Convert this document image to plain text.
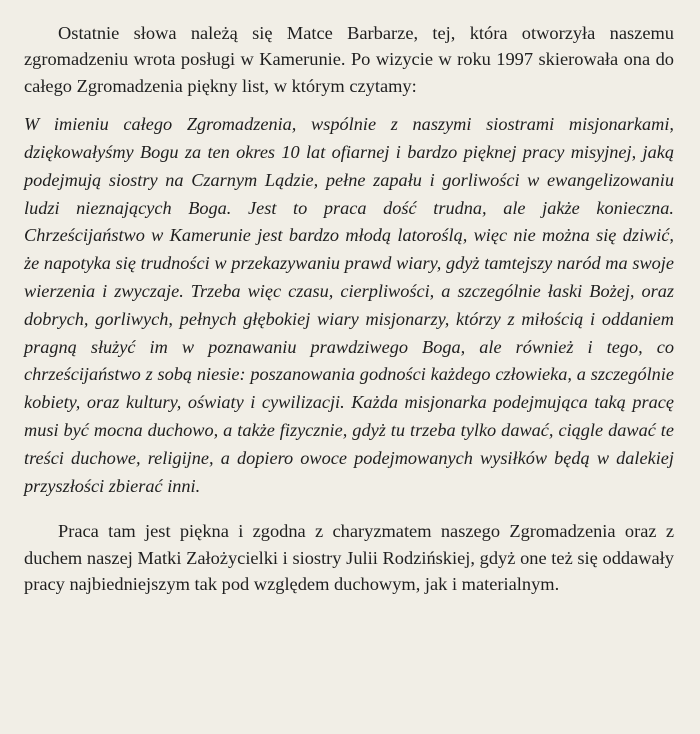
Ostatnie słowa należą się Matce Barbarze, tej, która otworzyła naszemu zgromadzeniu wrota posługi w Kamerunie. Po wizycie w roku 1997 skierowała ona do całego Zgromadzenia piękny list, w którym czytamy:

W imieniu całego Zgromadzenia, wspólnie z naszymi siostrami misjonarkami, dziękowałyśmy Bogu za ten okres 10 lat ofiarnej i bardzo pięknej pracy misyjnej, jaką podejmują siostry na Czarnym Lądzie, pełne zapału i gorliwości w ewangelizowaniu ludzi nieznających Boga. Jest to praca dość trudna, ale jakże konieczna. Chrześcijaństwo w Kamerunie jest bardzo młodą latoroślą, więc nie można się dziwić, że napotyka się trudności w przekazywaniu prawd wiary, gdyż tamtejszy naród ma swoje wierzenia i zwyczaje. Trzeba więc czasu, cierpliwości, a szczególnie łaski Bożej, oraz dobrych, gorliwych, pełnych głębokiej wiary misjonarzy, którzy z miłością i oddaniem pragną służyć im w poznawaniu prawdziwego Boga, ale również i tego, co chrześcijaństwo z sobą niesie: poszanowania godności każdego człowieka, a szczególnie kobiety, oraz kultury, oświaty i cywilizacji. Każda misjonarka podejmująca taką pracę musi być mocna duchowo, a także fizycznie, gdyż tu trzeba tylko dawać, ciągle dawać te treści duchowe, religijne, a dopiero owoce podejmowanych wysiłków będą w dalekiej przyszłości zbierać inni.

Praca tam jest piękna i zgodna z charyzmatem naszego Zgromadzenia oraz z duchem naszej Matki Założycielki i siostry Julii Rodzińskiej, gdyż one też się oddawały pracy najbiedniejszym tak pod względem duchowym, jak i materialnym.
